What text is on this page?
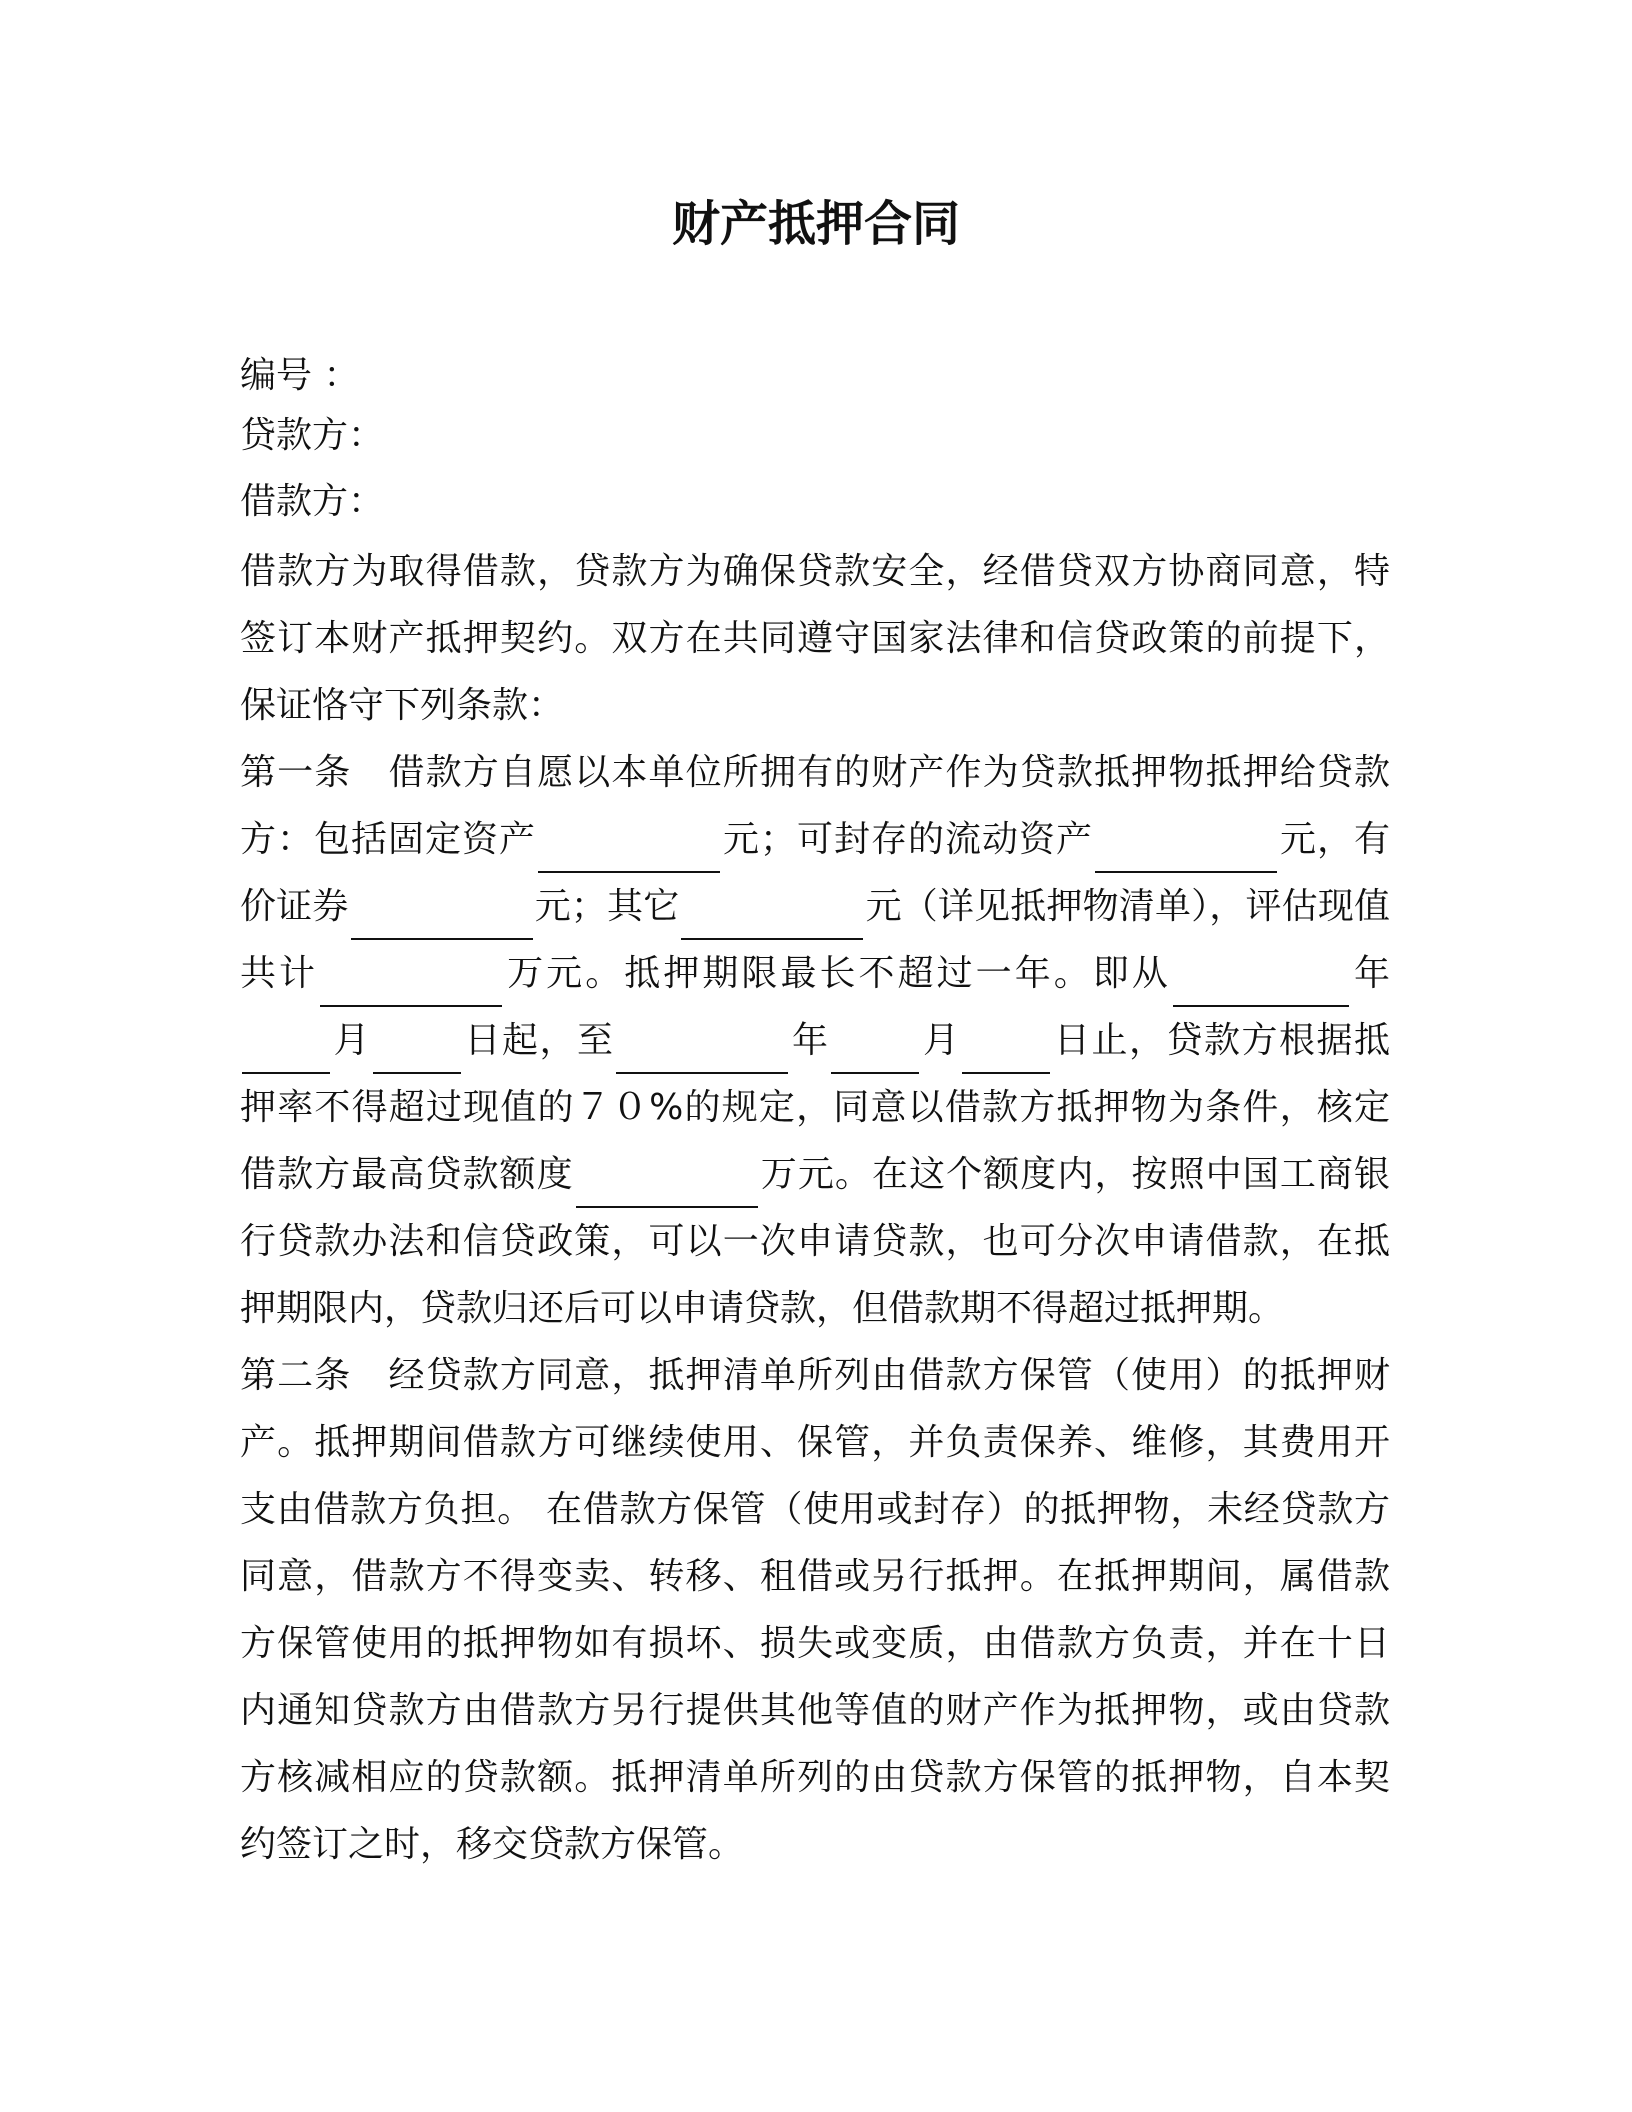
财产抵押合同
编号 ：
贷款方：
借款方：

借款方为取得借款，贷款方为确保贷款安全，经借贷双方协商同意，特签订本财产抵押契约。双方在共同遵守国家法律和信贷政策的前提下，保证恪守下列条款：

第一条 借款方自愿以本单位所拥有的财产作为贷款抵押物抵押给贷款方：包括固定资产	元；可封存的流动资产	元，有价证券	元；其它	元（详见抵押物清单），评估现值共计	万元。抵押期限最长不超过一年。即从	年月	日起，至	年	月	日止，贷款方根据抵押率不得超过现值的７０%的规定，同意以借款方抵押物为条件，核定借款方最高贷款额度	万元。在这个额度内，按照中国工商银行贷款办法和信贷政策，可以一次申请贷款，也可分次申请借款，在抵押期限内，贷款归还后可以申请贷款，但借款期不得超过抵押期。

第二条 经贷款方同意，抵押清单所列由借款方保管（使用）的抵押财产。抵押期间借款方可继续使用、保管，并负责保养、维修，其费用开支由借款方负担。 在借款方保管（使用或封存）的抵押物，未经贷款方同意，借款方不得变卖、转移、租借或另行抵押。在抵押期间，属借款方保管使用的抵押物如有损坏、损失或变质，由借款方负责，并在十日内通知贷款方由借款方另行提供其他等值的财产作为抵押物，或由贷款方核减相应的贷款额。抵押清单所列的由贷款方保管的抵押物，自本契约签订之时，移交贷款方保管。
